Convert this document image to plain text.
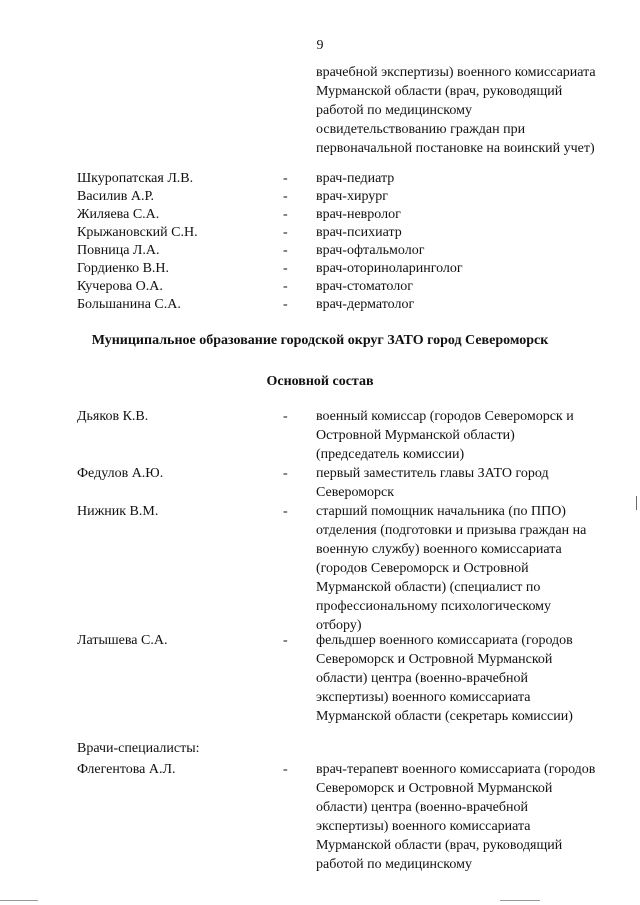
9
врачебной экспертизы) военного комиссариата Мурманской области (врач, руководящий работой по медицинскому освидетельствованию граждан при первоначальной постановке на воинский учет)
Шкуропатская Л.В.	- врач-педиатр
Василив А.Р.	- врач-хирург
Жиляева С.А.	- врач-невролог
Крыжановский С.Н.	- врач-психиатр
Повница Л.А.	- врач-офтальмолог
Гордиенко В.Н.	- врач-оториноларинголог
Кучерова О.А.	- врач-стоматолог
Большанина С.А.	- врач-дерматолог
Муниципальное образование городской округ ЗАТО город Североморск
Основной состав
Дьяков К.В.	- военный комиссар (городов Североморск и Островной Мурманской области) (председатель комиссии)
Федулов А.Ю.	- первый заместитель главы ЗАТО город Североморск
Нижник В.М.	- старший помощник начальника (по ППО) отделения (подготовки и призыва граждан на военную службу) военного комиссариата (городов Североморск и Островной Мурманской области) (специалист по профессиональному психологическому отбору)
Латышева С.А.	- фельдшер военного комиссариата (городов Североморск и Островной Мурманской области) центра (военно-врачебной экспертизы) военного комиссариата Мурманской области (секретарь комиссии)
Врачи-специалисты:
Флегентова А.Л.	- врач-терапевт военного комиссариата (городов Североморск и Островной Мурманской области) центра (военно-врачебной экспертизы) военного комиссариата Мурманской области (врач, руководящий работой по медицинскому
